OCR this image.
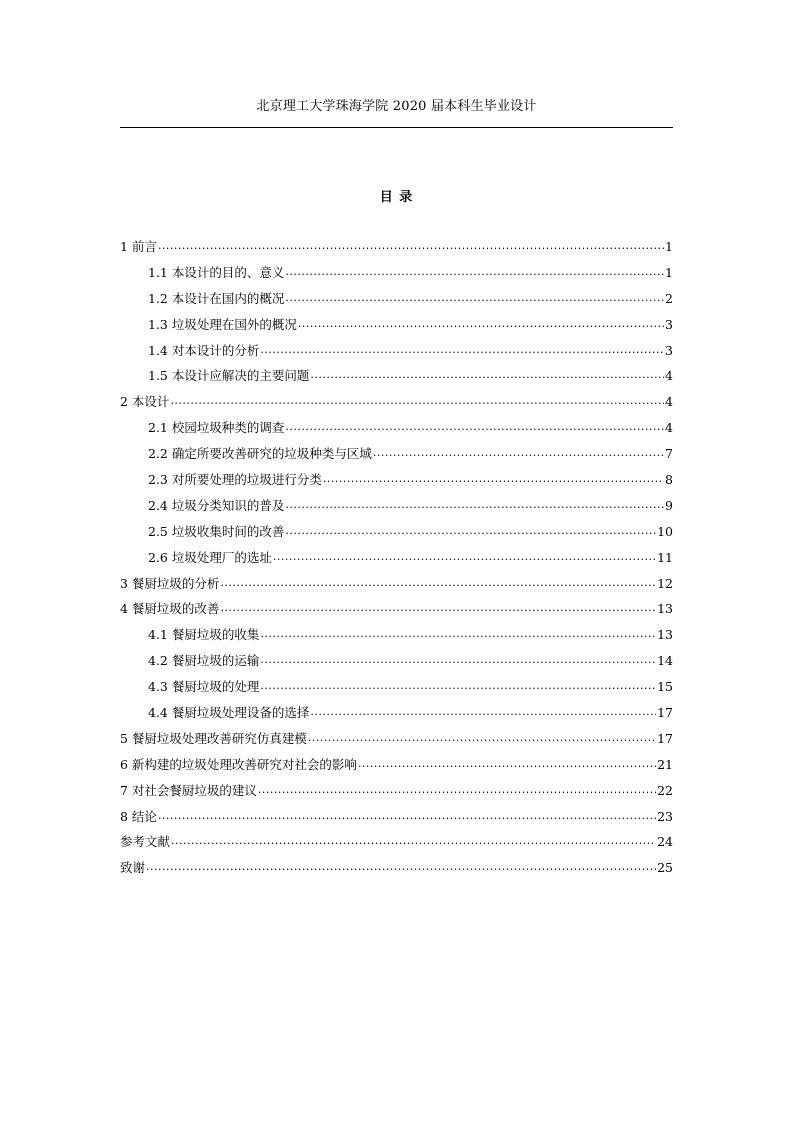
北京理工大学珠海学院 2020 届本科生毕业设计
目 录
1 前言 .....	1
1.1 本设计的目的、意义 .....	1
1.2 本设计在国内的概况 .....	2
1.3 垃圾处理在国外的概况 .....	3
1.4 对本设计的分析 .....	3
1.5 本设计应解决的主要问题 .....	4
2 本设计 .....	4
2.1 校园垃圾种类的调查 .....	4
2.2 确定所要改善研究的垃圾种类与区域 .....	7
2.3 对所要处理的垃圾进行分类 .....	8
2.4 垃圾分类知识的普及 .....	9
2.5 垃圾收集时间的改善 .....	10
2.6 垃圾处理厂的选址 .....	11
3 餐厨垃圾的分析 .....	12
4 餐厨垃圾的改善 .....	13
4.1 餐厨垃圾的收集 .....	13
4.2 餐厨垃圾的运输 .....	14
4.3 餐厨垃圾的处理 .....	15
4.4 餐厨垃圾处理设备的选择 .....	17
5 餐厨垃圾处理改善研究仿真建模 .....	17
6 新构建的垃圾处理改善研究对社会的影响 .....	21
7 对社会餐厨垃圾的建议 .....	22
8 结论 .....	23
参考文献 .....	24
致谢 .....	25
